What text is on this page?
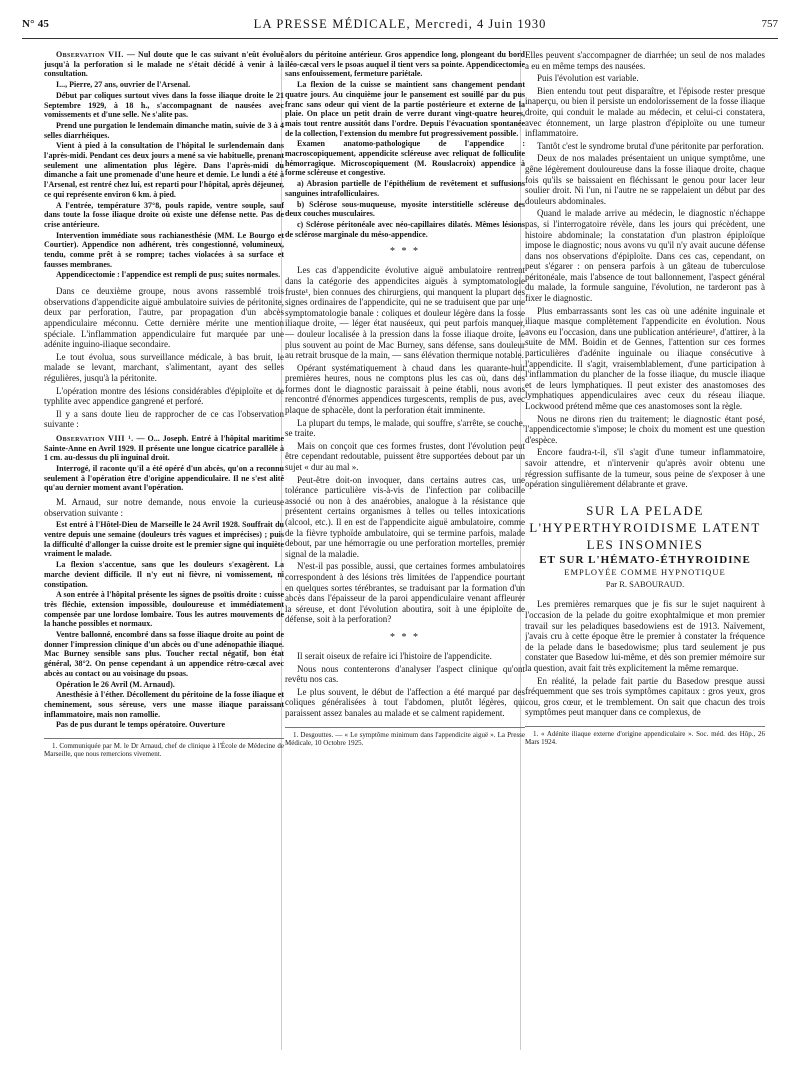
N° 45	LA PRESSE MÉDICALE, Mercredi, 4 Juin 1930	757

Observation VII. — Nul doute que le cas suivant n'eût évolué jusqu'à la perforation si le malade ne s'était décidé à venir à la consultation.

I..., Pierre, 27 ans, ouvrier de l'Arsenal.

Début par coliques surtout vives dans la fosse iliaque droite le 21 Septembre 1929, à 18 h., s'accompagnant de nausées avec vomissements et d'une selle. Ne s'alite pas.

Prend une purgation le lendemain dimanche matin, suivie de 3 à 4 selles diarrhéiques.

Vient à pied à la consultation de l'hôpital le surlendemain dans l'après-midi. Pendant ces deux jours a mené sa vie habituelle, prenant seulement une alimentation plus légère. Dans l'après-midi du dimanche a fait une promenade d'une heure et demie. Le lundi a été à l'Arsenal, est rentré chez lui, est reparti pour l'hôpital, après déjeuner, ce qui représente environ 6 km. à pied.

A l'entrée, température 37°8, pouls rapide, ventre souple, sauf dans toute la fosse iliaque droite où existe une défense nette. Pas de crise antérieure.

Intervention immédiate sous rachianesthésie (MM. Le Bourgo et Courtier). Appendice non adhérent, très congestionné, volumineux, tendu, comme prêt à se rompre; taches violacées à sa surface et fausses membranes.

Appendicectomie : l'appendice est rempli de pus; suites normales.

Dans ce deuxième groupe, nous avons rassemblé trois observations d'appendicite aiguë ambulatoire suivies de péritonite, deux par perforation, l'autre, par propagation d'un abcès appendiculaire méconnu. Cette dernière mérite une mention spéciale. L'inflammation appendiculaire fut marquée par une adénite inguino-iliaque secondaire.

Le tout évolua, sous surveillance médicale, à bas bruit, le malade se levant, marchant, s'alimentant, ayant des selles régulières, jusqu'à la péritonite.

L'opération montre des lésions considérables d'épiploïte et de typhlite avec appendice gangrené et perforé.

Il y a sans doute lieu de rapprocher de ce cas l'observation suivante :

Observation VIII ¹. — O... Joseph. Entré à l'hôpital maritime Sainte-Anne en Avril 1929. Il présente une longue cicatrice parallèle à 1 cm. au-dessus du pli inguinal droit.

Interrogé, il raconte qu'il a été opéré d'un abcès, qu'on a reconnu seulement à l'opération être d'origine appendiculaire. Il ne s'est alité qu'au dernier moment avant l'opération.

M. Arnaud, sur notre demande, nous envoie la curieuse observation suivante :

Est entré à l'Hôtel-Dieu de Marseille le 24 Avril 1928. Souffrait du ventre depuis une semaine (douleurs très vagues et imprécises) ; puis la difficulté d'allonger la cuisse droite est le premier signe qui inquiète vraiment le malade.

La flexion s'accentue, sans que les douleurs s'exagèrent. La marche devient difficile. Il n'y eut ni fièvre, ni vomissement, ni constipation.

A son entrée à l'hôpital présente les signes de psoïtis droite : cuisse très fléchie, extension impossible, douloureuse et immédiatement compensée par une lordose lombaire. Tous les autres mouvements de la hanche possibles et normaux.

Ventre ballonné, encombré dans sa fosse iliaque droite au point de donner l'impression clinique d'un abcès ou d'une adénopathie iliaque. Mac Burney sensible sans plus. Toucher rectal négatif, bon état général, 38°2. On pense cependant à un appendice rétro-cæcal avec abcès au contact ou au voisinage du psoas.

Opération le 26 Avril (M. Arnaud).

Anesthésie à l'éther. Décollement du péritoine de la fosse iliaque et cheminement, sous séreuse, vers une masse iliaque paraissant inflammatoire, mais non ramollie.

Pas de pus durant le temps opératoire. Ouverture

1. Communiquée par M. le Dr Arnaud, chef de clinique à l'École de Médecine de Marseille, que nous remercions vivement.

alors du péritoine antérieur. Gros appendice long, plongeant du bord iléo-cæcal vers le psoas auquel il tient vers sa pointe. Appendicectomie sans enfouissement, fermeture pariétale.

La flexion de la cuisse se maintient sans changement pendant quatre jours. Au cinquième jour le pansement est souillé par du pus franc sans odeur qui vient de la partie postérieure et externe de la plaie. On place un petit drain de verre durant vingt-quatre heures, mais tout rentre aussitôt dans l'ordre. Depuis l'évacuation spontanée de la collection, l'extension du membre fut progressivement possible.

Examen anatomo-pathologique de l'appendice : macroscopiquement, appendicite scléreuse avec reliquat de folliculite hémorragique. Microscopiquement (M. Rouslacroix) appendice à forme scléreuse et congestive.

a) Abrasion partielle de l'épithélium de revêtement et suffusions sanguines intrafolliculaires.

b) Sclérose sous-muqueuse, myosite interstitielle scléreuse des deux couches musculaires.

c) Sclérose péritonéale avec néo-capillaires dilatés. Mêmes lésions de sclérose marginale du méso-appendice.

* * *

Les cas d'appendicite évolutive aiguë ambulatoire rentrent dans la catégorie des appendicites aiguës à symptomatologie fruste¹, bien connues des chirurgiens, qui manquent la plupart des signes ordinaires de l'appendicite, qui ne se traduisent que par une symptomatologie banale : coliques et douleur légère dans la fosse iliaque droite, — léger état nauséeux, qui peut parfois manquer, — douleur localisée à la pression dans la fosse iliaque droite, le plus souvent au point de Mac Burney, sans défense, sans douleur au retrait brusque de la main, — sans élévation thermique notable.

Opérant systématiquement à chaud dans les quarante-huit premières heures, nous ne comptons plus les cas où, dans des formes dont le diagnostic paraissait à peine établi, nous avons rencontré d'énormes appendices turgescents, remplis de pus, avec plaque de sphacèle, dont la perforation était imminente.

La plupart du temps, le malade, qui souffre, s'arrête, se couche, se traite.

Mais on conçoit que ces formes frustes, dont l'évolution peut être cependant redoutable, puissent être supportées debout par un sujet « dur au mal ».

Peut-être doit-on invoquer, dans certains autres cas, une tolérance particulière vis-à-vis de l'infection par colibacille associé ou non à des anaérobies, analogue à la résistance que présentent certains organismes à telles ou telles intoxications (alcool, etc.). Il en est de l'appendicite aiguë ambulatoire, comme de la fièvre typhoïde ambulatoire, qui se termine parfois, malade debout, par une hémorragie ou une perforation mortelles, premier signal de la maladie.

N'est-il pas possible, aussi, que certaines formes ambulatoires correspondent à des lésions très limitées de l'appendice pourtant en quelques sortes térébrantes, se traduisant par la formation d'un abcès dans l'épaisseur de la paroi appendiculaire venant affleurer la séreuse, et dont l'évolution aboutira, soit à une épiploïte de défense, soit à la perforation?

* * *

Il serait oiseux de refaire ici l'histoire de l'appendicite.

Nous nous contenterons d'analyser l'aspect clinique qu'ont revêtu nos cas.

Le plus souvent, le début de l'affection a été marqué par des coliques généralisées à tout l'abdomen, plutôt légères, qui paraissent assez banales au malade et se calment rapidement.

1. Desgouttes. — « Le symptôme minimum dans l'appendicite aiguë ». La Presse Médicale, 10 Octobre 1925.

Elles peuvent s'accompagner de diarrhée; un seul de nos malades a eu en même temps des nausées.

Puis l'évolution est variable.

Bien entendu tout peut disparaître, et l'épisode rester presque inaperçu, ou bien il persiste un endolorissement de la fosse iliaque droite, qui conduit le malade au médecin, et celui-ci constatera, avec étonnement, un large plastron d'épiploïte ou une tumeur inflammatoire.

Tantôt c'est le syndrome brutal d'une péritonite par perforation.

Deux de nos malades présentaient un unique symptôme, une gêne légèrement douloureuse dans la fosse iliaque droite, chaque fois qu'ils se baissaient en fléchissant le genou pour lacer leur soulier droit. Ni l'un, ni l'autre ne se rappelaient un début par des douleurs abdominales.

Quand le malade arrive au médecin, le diagnostic n'échappe pas, si l'interrogatoire révèle, dans les jours qui précèdent, une histoire abdominale; la constatation d'un plastron épiploïque impose le diagnostic; nous avons vu qu'il n'y avait aucune défense dans nos observations d'épiploïte. Dans ces cas, cependant, on peut s'égarer : on pensera parfois à un gâteau de tuberculose péritonéale, mais l'absence de tout ballonnement, l'aspect général du malade, la formule sanguine, l'évolution, ne tarderont pas à fixer le diagnostic.

Plus embarrassants sont les cas où une adénite inguinale et iliaque masque complètement l'appendicite en évolution. Nous avons eu l'occasion, dans une publication antérieure¹, d'attirer, à la suite de MM. Boidin et de Gennes, l'attention sur ces formes particulières d'adénite inguinale ou iliaque consécutive à l'appendicite. Il s'agit, vraisemblablement, d'une participation à l'inflammation du plancher de la fosse iliaque, du muscle iliaque et de leurs lymphatiques. Il peut exister des anastomoses des lymphatiques appendiculaires avec ceux du réseau iliaque. Lockwood prétend même que ces anastomoses sont la règle.

Nous ne dirons rien du traitement; le diagnostic étant posé, l'appendicectomie s'impose; le choix du moment est une question d'espèce.

Encore faudra-t-il, s'il s'agit d'une tumeur inflammatoire, savoir attendre, et n'intervenir qu'après avoir obtenu une régression suffisante de la tumeur, sous peine de s'exposer à une opération singulièrement délabrante et grave.

SUR LA PELADE
L'HYPERTHYROIDISME LATENT
LES INSOMNIES
ET SUR L'HÉMATO-ÉTHYROIDINE
EMPLOYÉE COMME HYPNOTIQUE
Par R. SABOURAUD.

Les premières remarques que je fis sur le sujet naquirent à l'occasion de la pelade du goitre exophtalmique et mon premier travail sur les peladiques basedowiens est de 1913. Naïvement, j'avais cru à cette époque être le premier à constater la fréquence de la pelade dans le basedowisme; plus tard seulement je pus constater que Basedow lui-même, et dès son premier mémoire sur la question, avait fait très explicitement la même remarque.

En réalité, la pelade fait partie du Basedow presque aussi fréquemment que ses trois symptômes capitaux : gros yeux, gros cou, gros cœur, et le tremblement. On sait que chacun des trois symptômes peut manquer dans ce complexus, de

1. « Adénite iliaque externe d'origine appendiculaire ». Soc. méd. des Hôp., 26 Mars 1924.
